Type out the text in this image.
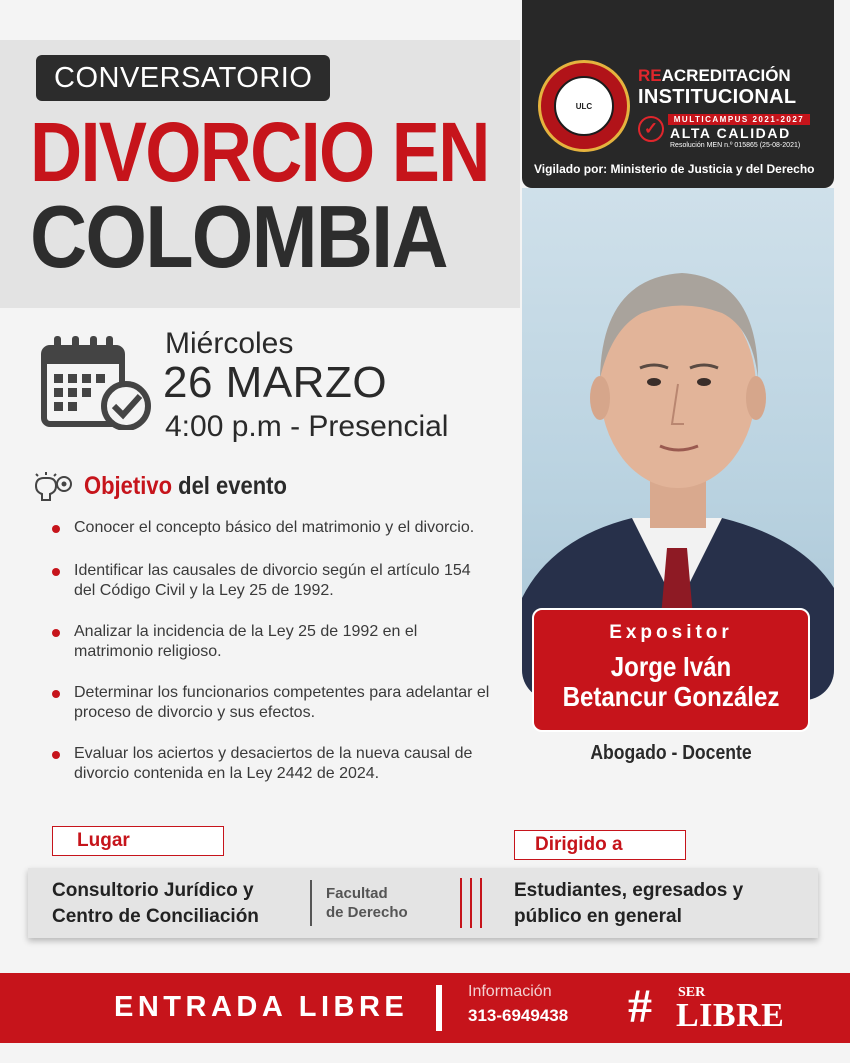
CONVERSATORIO
DIVORCIO EN
COLOMBIA
ULC
REACREDITACIÓN
INSTITUCIONAL
✓	MULTICAMPUS 2021-2027
ALTA CALIDAD
Resolución MEN n.º 015865 (25-08-2021)
Vigilado por: Ministerio de Justicia y del Derecho
Expositor
Jorge Iván
Betancur González
Abogado - Docente
Miércoles
26 MARZO
4:00 p.m - Presencial
Objetivo del evento
Conocer el concepto básico del matrimonio y el divorcio.
Identificar las causales de divorcio según el artículo 154 del Código Civil y la Ley 25 de 1992.
Analizar la incidencia de la Ley 25 de 1992 en el matrimonio religioso.
Determinar los funcionarios competentes para adelantar el proceso de divorcio y sus efectos.
Evaluar los aciertos y desaciertos de la nueva causal de divorcio contenida en la Ley 2442 de 2024.
Lugar	Dirigido a
Consultorio Jurídico y
Centro de Conciliación
Facultad
de Derecho
Estudiantes, egresados y
público en general
ENTRADA LIBRE	Información
313-6949438 # SER
LIBRE
